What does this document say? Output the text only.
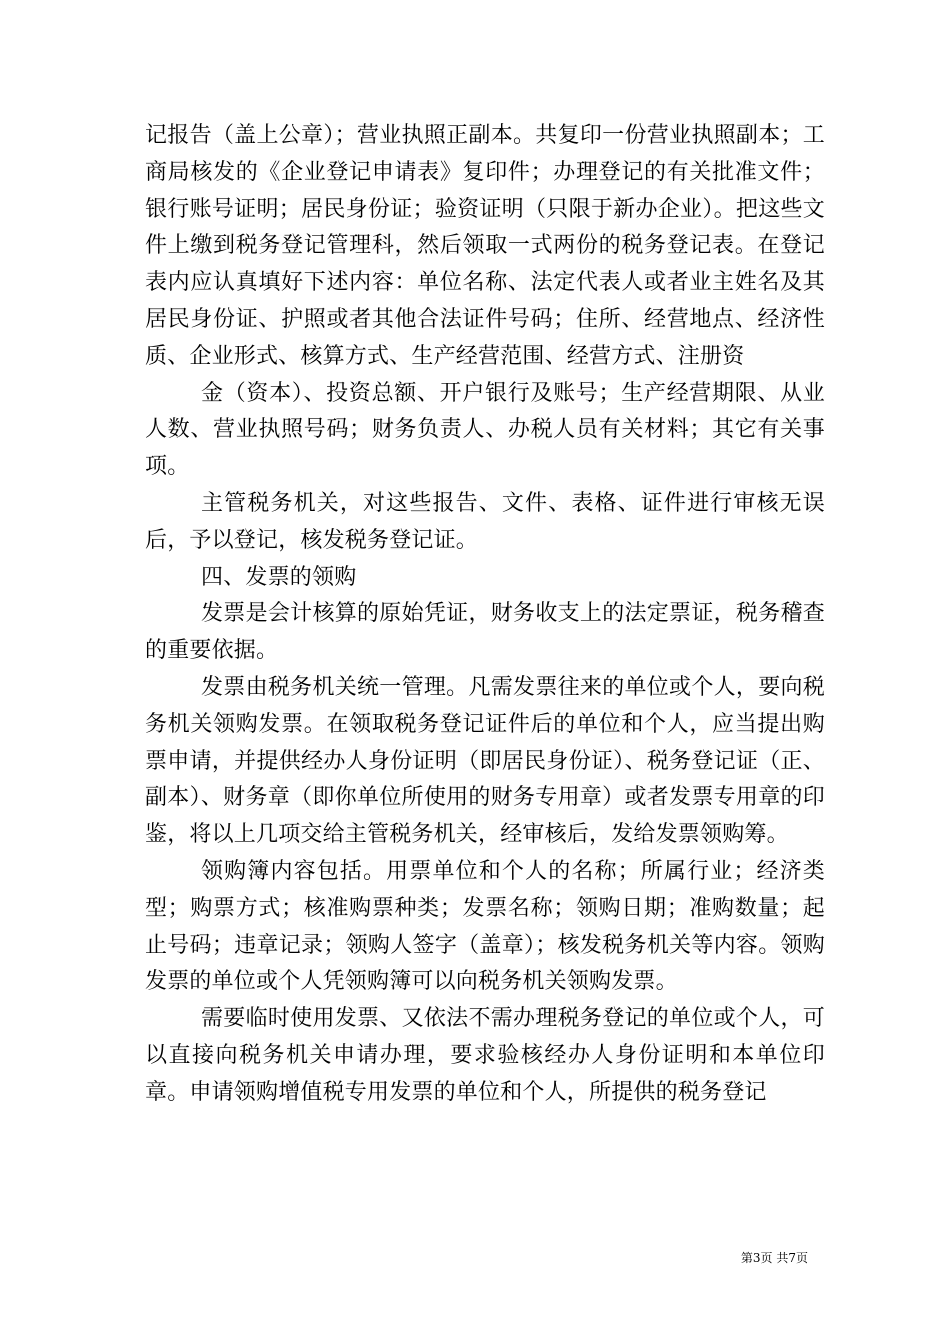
记报告（盖上公章）；营业执照正副本。共复印一份营业执照副本；工商局核发的《企业登记申请表》复印件；办理登记的有关批准文件；银行账号证明；居民身份证；验资证明（只限于新办企业）。把这些文件上缴到税务登记管理科，然后领取一式两份的税务登记表。在登记表内应认真填好下述内容：单位名称、法定代表人或者业主姓名及其居民身份证、护照或者其他合法证件号码；住所、经营地点、经济性质、企业形式、核算方式、生产经营范围、经营方式、注册资

金（资本）、投资总额、开户银行及账号；生产经营期限、从业人数、营业执照号码；财务负责人、办税人员有关材料；其它有关事项。

主管税务机关，对这些报告、文件、表格、证件进行审核无误后，予以登记，核发税务登记证。

四、发票的领购

发票是会计核算的原始凭证，财务收支上的法定票证，税务稽查的重要依据。

发票由税务机关统一管理。凡需发票往来的单位或个人，要向税务机关领购发票。在领取税务登记证件后的单位和个人，应当提出购票申请，并提供经办人身份证明（即居民身份证）、税务登记证（正、副本）、财务章（即你单位所使用的财务专用章）或者发票专用章的印鉴，将以上几项交给主管税务机关，经审核后，发给发票领购筹。

领购簿内容包括。用票单位和个人的名称；所属行业；经济类型；购票方式；核准购票种类；发票名称；领购日期；准购数量；起止号码；违章记录；领购人签字（盖章）；核发税务机关等内容。领购发票的单位或个人凭领购簿可以向税务机关领购发票。

需要临时使用发票、又依法不需办理税务登记的单位或个人，可以直接向税务机关申请办理，要求验核经办人身份证明和本单位印章。申请领购增值税专用发票的单位和个人，所提供的税务登记

第3页 共7页
